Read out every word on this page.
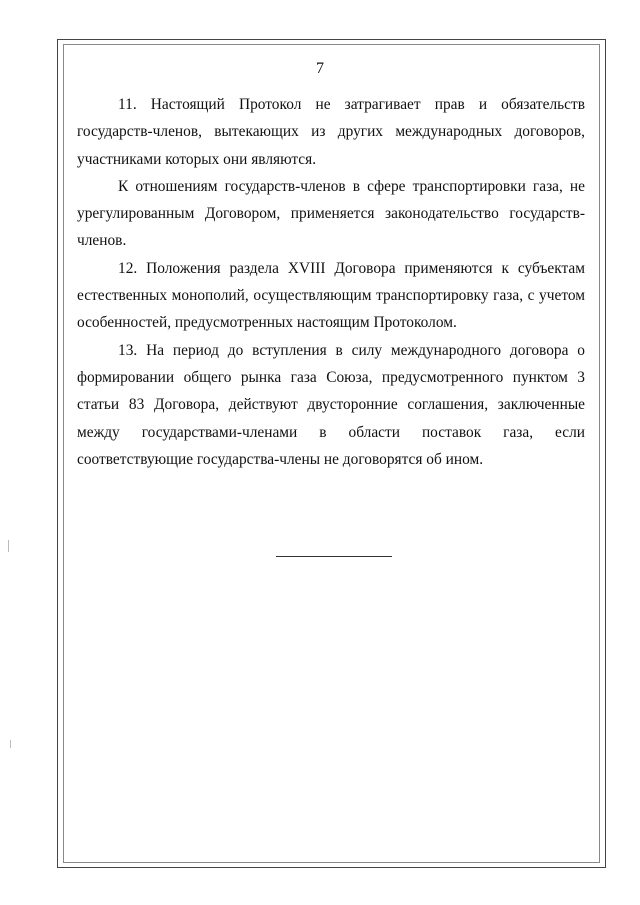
7

11. Настоящий Протокол не затрагивает прав и обязательств государств-членов, вытекающих из других международных договоров, участниками которых они являются.

К отношениям государств-членов в сфере транспортировки газа, не урегулированным Договором, применяется законодательство государств-членов.

12. Положения раздела XVIII Договора применяются к субъектам естественных монополий, осуществляющим транспортировку газа, с учетом особенностей, предусмотренных настоящим Протоколом.

13. На период до вступления в силу международного договора о формировании общего рынка газа Союза, предусмотренного пунктом 3 статьи 83 Договора, действуют двусторонние соглашения, заключенные между государствами-членами в области поставок газа, если соответствующие государства-члены не договорятся об ином.
